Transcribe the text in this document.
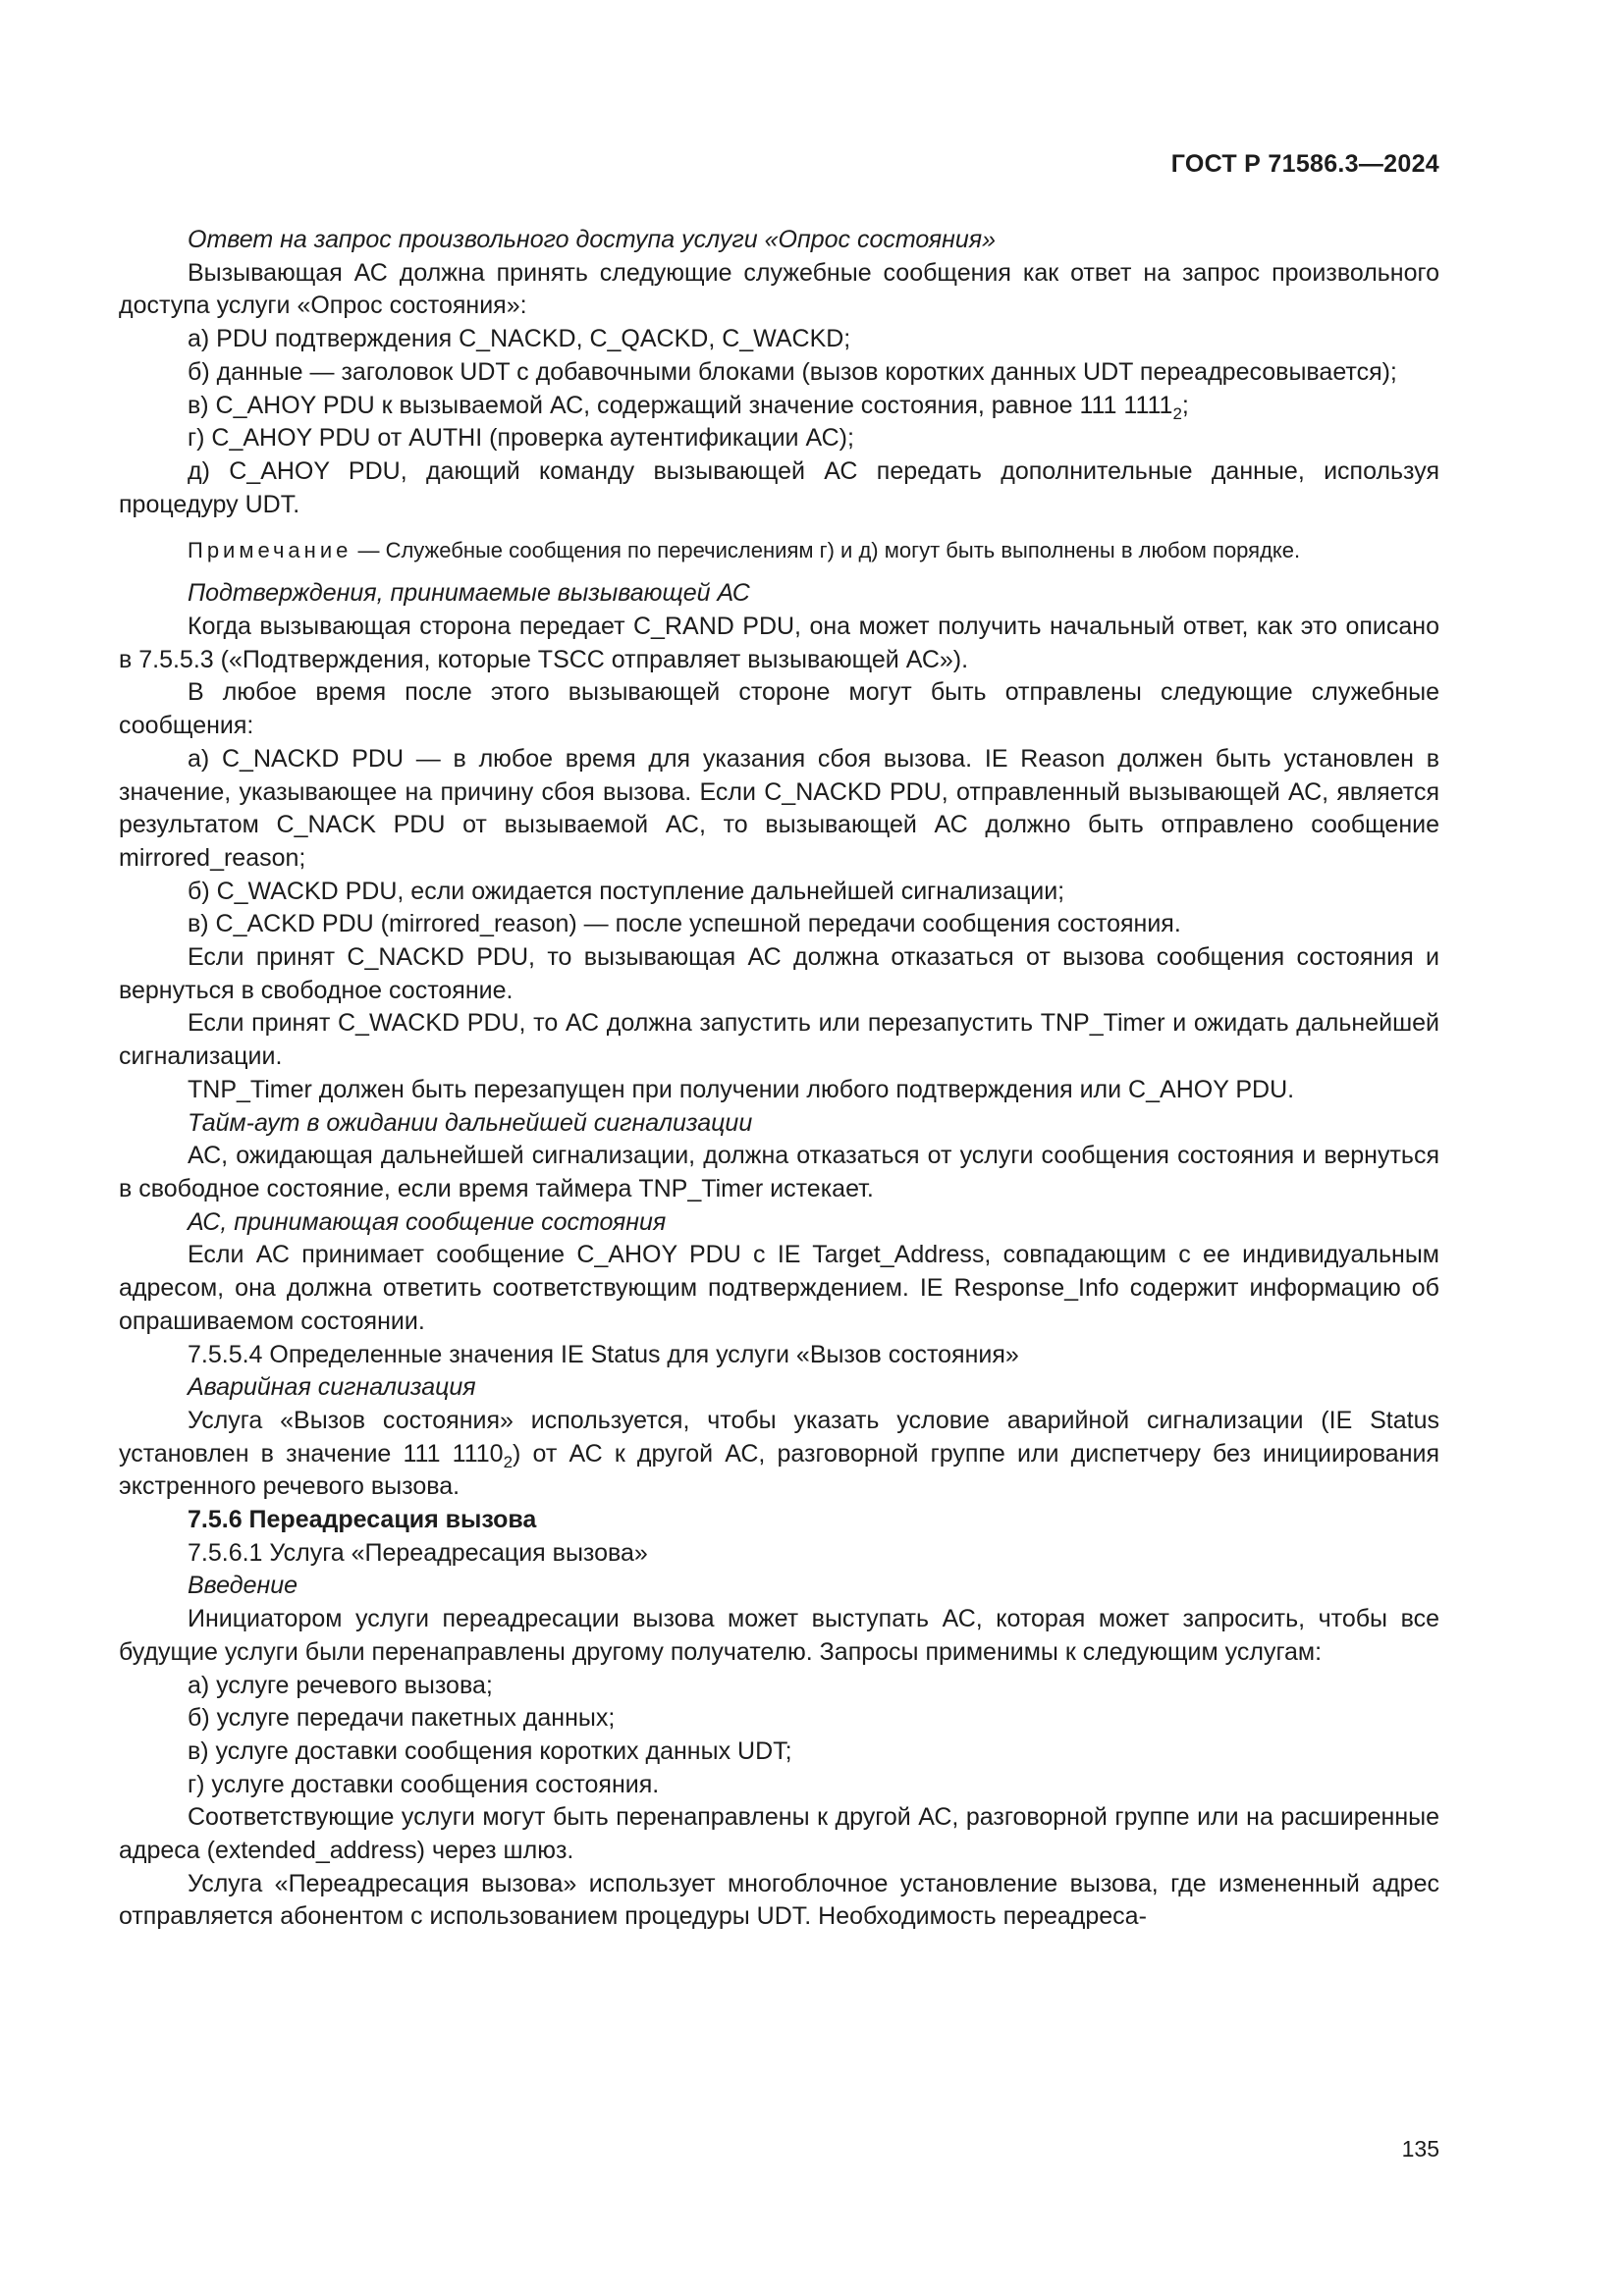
ГОСТ Р 71586.3—2024

Ответ на запрос произвольного доступа услуги «Опрос состояния»

Вызывающая АС должна принять следующие служебные сообщения как ответ на запрос произвольного доступа услуги «Опрос состояния»:

а) PDU подтверждения C_NACKD, C_QACKD, C_WACKD;

б) данные — заголовок UDT с добавочными блоками (вызов коротких данных UDT переадресовывается);

в) C_AHOY PDU к вызываемой АС, содержащий значение состояния, равное 111 $1111_2$;

г) C_AHOY PDU от AUTHI (проверка аутентификации АС);

д) C_AHOY PDU, дающий команду вызывающей АС передать дополнительные данные, используя процедуру UDT.

Примечание — Служебные сообщения по перечислениям г) и д) могут быть выполнены в любом порядке.

Подтверждения, принимаемые вызывающей АС

Когда вызывающая сторона передает C_RAND PDU, она может получить начальный ответ, как это описано в 7.5.5.3 («Подтверждения, которые TSCC отправляет вызывающей АС»).

В любое время после этого вызывающей стороне могут быть отправлены следующие служебные сообщения:

а) C_NACKD PDU — в любое время для указания сбоя вызова. IE Reason должен быть установлен в значение, указывающее на причину сбоя вызова. Если C_NACKD PDU, отправленный вызывающей АС, является результатом C_NACK PDU от вызываемой АС, то вызывающей АС должно быть отправлено сообщение mirrored_reason;

б) C_WACKD PDU, если ожидается поступление дальнейшей сигнализации;

в) C_ACKD PDU (mirrored_reason) — после успешной передачи сообщения состояния.

Если принят C_NACKD PDU, то вызывающая АС должна отказаться от вызова сообщения состояния и вернуться в свободное состояние.

Если принят C_WACKD PDU, то АС должна запустить или перезапустить TNP_Timer и ожидать дальнейшей сигнализации.

TNP_Timer должен быть перезапущен при получении любого подтверждения или C_AHOY PDU.

Тайм-аут в ожидании дальнейшей сигнализации

АС, ожидающая дальнейшей сигнализации, должна отказаться от услуги сообщения состояния и вернуться в свободное состояние, если время таймера TNP_Timer истекает.

АС, принимающая сообщение состояния

Если АС принимает сообщение C_AHOY PDU с IE Target_Address, совпадающим с ее индивидуальным адресом, она должна ответить соответствующим подтверждением. IE Response_Info содержит информацию об опрашиваемом состоянии.

7.5.5.4 Определенные значения IE Status для услуги «Вызов состояния»

Аварийная сигнализация

Услуга «Вызов состояния» используется, чтобы указать условие аварийной сигнализации (IE Status установлен в значение 111 $1110_2$) от АС к другой АС, разговорной группе или диспетчеру без инициирования экстренного речевого вызова.

7.5.6 Переадресация вызова

7.5.6.1 Услуга «Переадресация вызова»

Введение

Инициатором услуги переадресации вызова может выступать АС, которая может запросить, чтобы все будущие услуги были перенаправлены другому получателю. Запросы применимы к следующим услугам:

а) услуге речевого вызова;

б) услуге передачи пакетных данных;

в) услуге доставки сообщения коротких данных UDT;

г) услуге доставки сообщения состояния.

Соответствующие услуги могут быть перенаправлены к другой АС, разговорной группе или на расширенные адреса (extended_address) через шлюз.

Услуга «Переадресация вызова» использует многоблочное установление вызова, где измененный адрес отправляется абонентом с использованием процедуры UDT. Необходимость переадреса-

135
